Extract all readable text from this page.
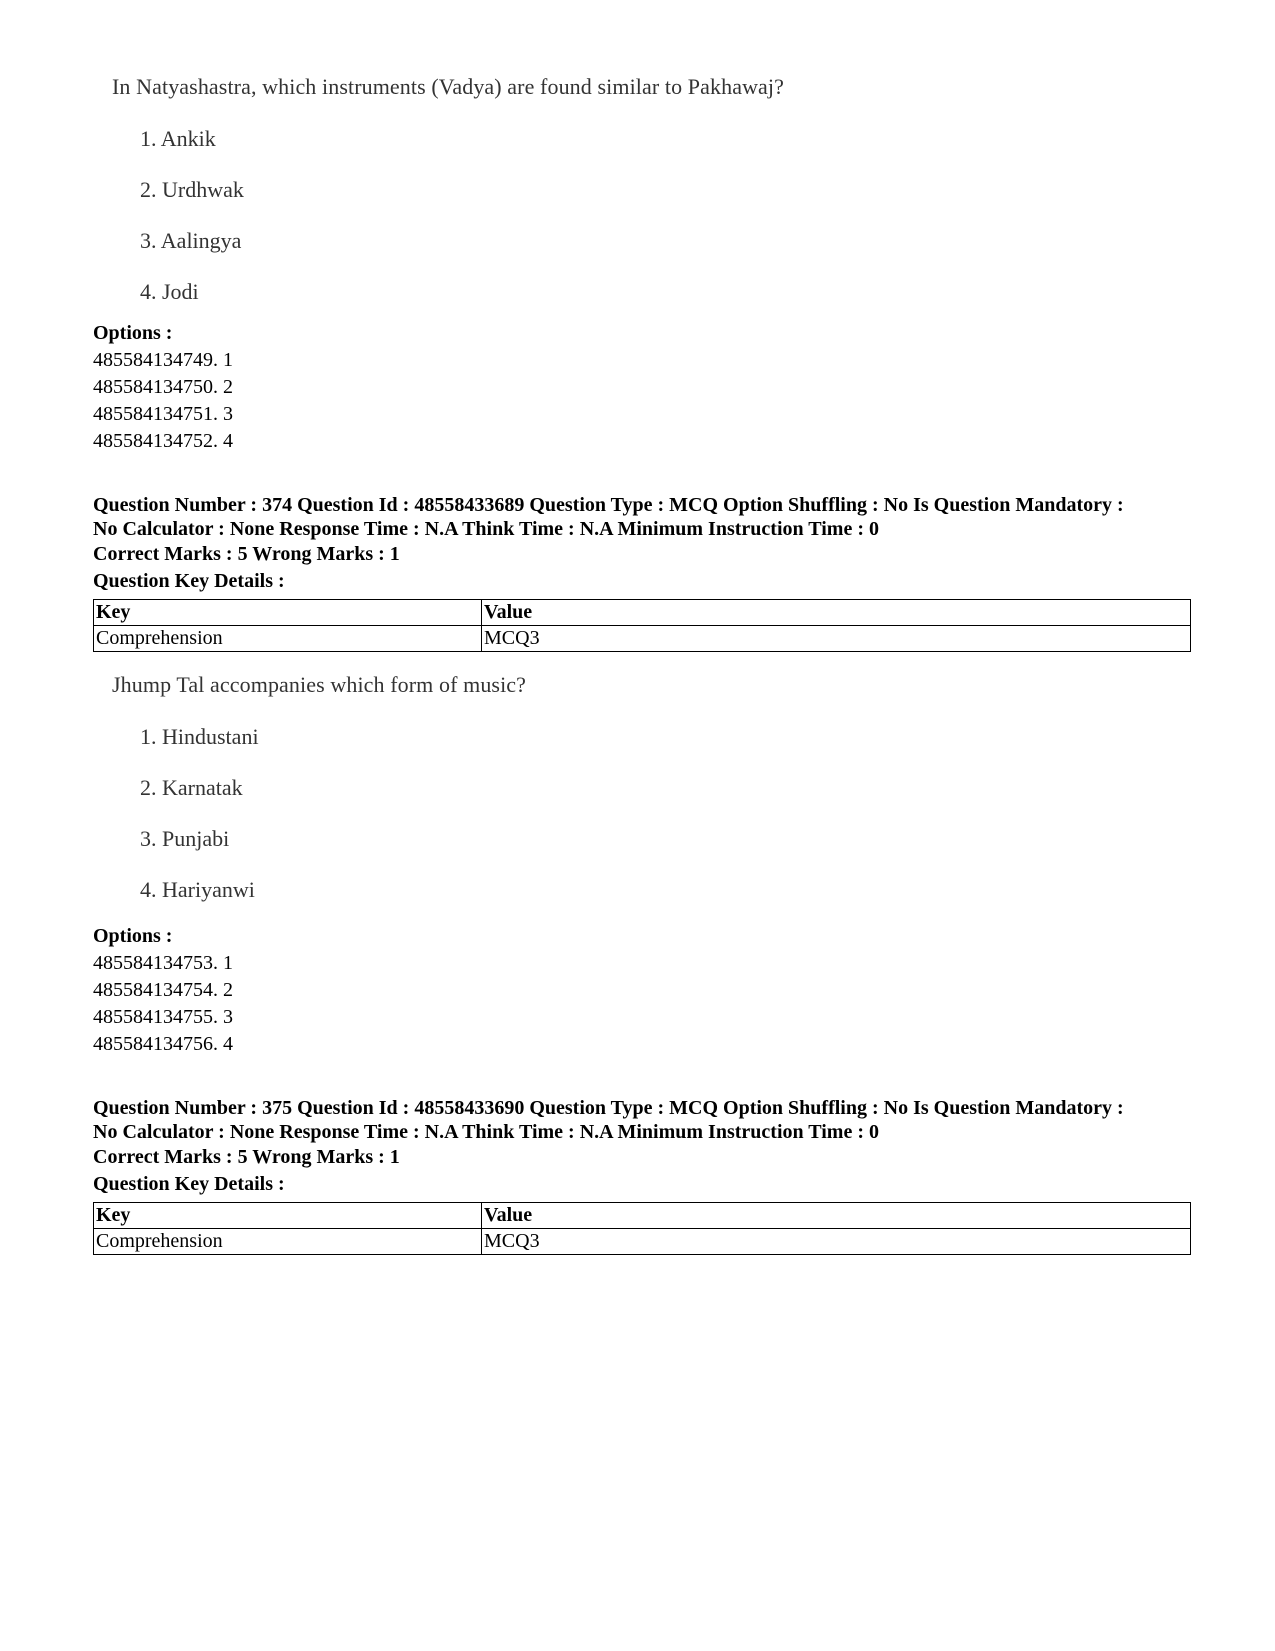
In Natyashastra, which instruments (Vadya) are found similar to Pakhawaj?
1. Ankik
2. Urdhwak
3. Aalingya
4. Jodi
Options :
485584134749. 1
485584134750. 2
485584134751. 3
485584134752. 4
Question Number : 374 Question Id : 48558433689 Question Type : MCQ Option Shuffling : No Is Question Mandatory :
No Calculator : None Response Time : N.A Think Time : N.A Minimum Instruction Time : 0
Correct Marks : 5 Wrong Marks : 1
Question Key Details :
Key	Value
Comprehension	MCQ3
Jhump Tal accompanies which form of music?
1. Hindustani
2. Karnatak
3. Punjabi
4. Hariyanwi
Options :
485584134753. 1
485584134754. 2
485584134755. 3
485584134756. 4
Question Number : 375 Question Id : 48558433690 Question Type : MCQ Option Shuffling : No Is Question Mandatory :
No Calculator : None Response Time : N.A Think Time : N.A Minimum Instruction Time : 0
Correct Marks : 5 Wrong Marks : 1
Question Key Details :
Key	Value
Comprehension	MCQ3
